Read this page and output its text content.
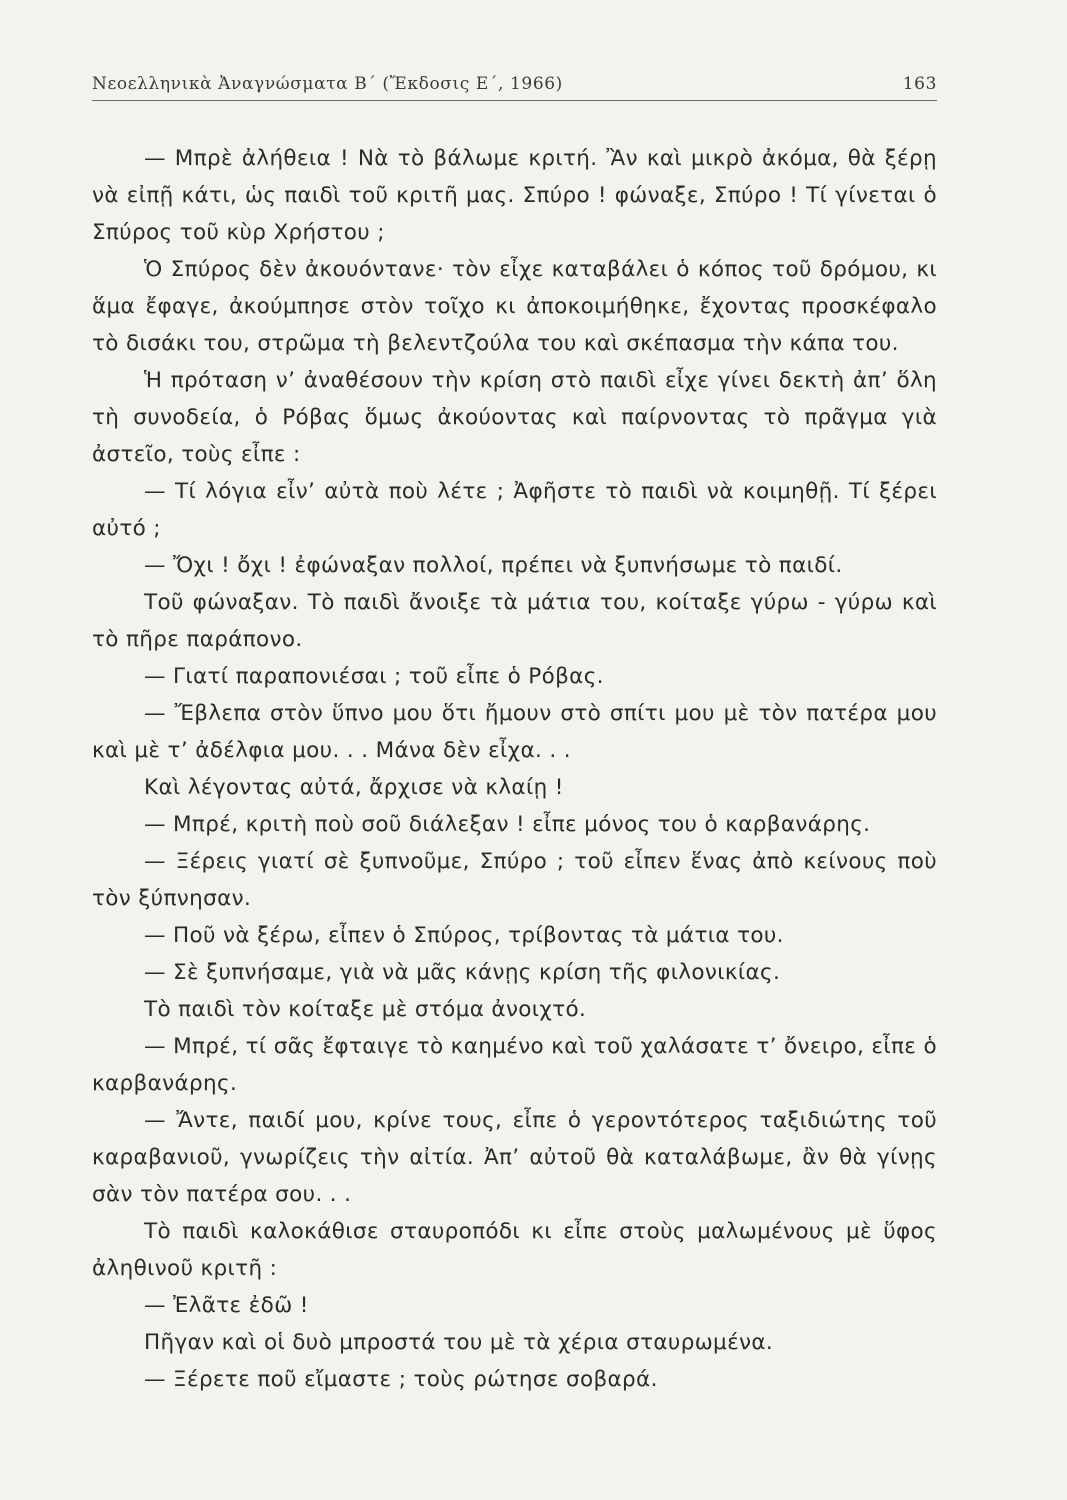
Νεοελληνικὰ Ἀναγνώσματα Β΄ (Ἔκδοσις Ε΄, 1966)	163

— Μπρὲ ἀλήθεια ! Νὰ τὸ βάλωμε κριτή. Ἂν καὶ μικρὸ ἀκόμα, θὰ ξέρῃ νὰ εἰπῇ κάτι, ὡς παιδὶ τοῦ κριτῆ μας. Σπύρο ! φώναξε, Σπύρο ! Τί γίνεται ὁ Σπύρος τοῦ κὺρ Χρήστου ;

Ὁ Σπύρος δὲν ἀκουόντανε· τὸν εἶχε καταβάλει ὁ κόπος τοῦ δρόμου, κι ἅμα ἔφαγε, ἀκούμπησε στὸν τοῖχο κι ἀποκοιμήθηκε, ἔχοντας προσκέφαλο τὸ δισάκι του, στρῶμα τὴ βελεντζούλα του καὶ σκέπασμα τὴν κάπα του.

Ἡ πρόταση ν’ ἀναθέσουν τὴν κρίση στὸ παιδὶ εἶχε γίνει δεκτὴ ἀπ’ ὅλη τὴ συνοδεία, ὁ Ρόβας ὅμως ἀκούοντας καὶ παίρνοντας τὸ πρᾶγμα γιὰ ἀστεῖο, τοὺς εἶπε :

— Τί λόγια εἶν’ αὐτὰ ποὺ λέτε ; Ἀφῆστε τὸ παιδὶ νὰ κοιμηθῇ. Τί ξέρει αὐτό ;

— Ὄχι ! ὄχι ! ἐφώναξαν πολλοί, πρέπει νὰ ξυπνήσωμε τὸ παιδί.

Τοῦ φώναξαν. Τὸ παιδὶ ἄνοιξε τὰ μάτια του, κοίταξε γύρω - γύρω καὶ τὸ πῆρε παράπονο.

— Γιατί παραπονιέσαι ; τοῦ εἶπε ὁ Ρόβας.

— Ἔβλεπα στὸν ὕπνο μου ὅτι ἤμουν στὸ σπίτι μου μὲ τὸν πατέρα μου καὶ μὲ τ’ ἀδέλφια μου. . . Μάνα δὲν εἶχα. . .

Καὶ λέγοντας αὐτά, ἄρχισε νὰ κλαίῃ !

— Μπρέ, κριτὴ ποὺ σοῦ διάλεξαν ! εἶπε μόνος του ὁ καρβανάρης.

— Ξέρεις γιατί σὲ ξυπνοῦμε, Σπύρο ; τοῦ εἶπεν ἕνας ἀπὸ κείνους ποὺ τὸν ξύπνησαν.

— Ποῦ νὰ ξέρω, εἶπεν ὁ Σπύρος, τρίβοντας τὰ μάτια του.

— Σὲ ξυπνήσαμε, γιὰ νὰ μᾶς κάνῃς κρίση τῆς φιλονικίας.

Τὸ παιδὶ τὸν κοίταξε μὲ στόμα ἀνοιχτό.

— Μπρέ, τί σᾶς ἔφταιγε τὸ καημένο καὶ τοῦ χαλάσατε τ’ ὄνειρο, εἶπε ὁ καρβανάρης.

— Ἄντε, παιδί μου, κρίνε τους, εἶπε ὁ γεροντότερος ταξιδιώτης τοῦ καραβανιοῦ, γνωρίζεις τὴν αἰτία. Ἀπ’ αὐτοῦ θὰ καταλάβωμε, ἂν θὰ γίνῃς σὰν τὸν πατέρα σου. . .

Τὸ παιδὶ καλοκάθισε σταυροπόδι κι εἶπε στοὺς μαλωμένους μὲ ὕφος ἀληθινοῦ κριτῆ :

— Ἐλᾶτε ἐδῶ !

Πῆγαν καὶ οἱ δυὸ μπροστά του μὲ τὰ χέρια σταυρωμένα.

— Ξέρετε ποῦ εἴμαστε ; τοὺς ρώτησε σοβαρά.
